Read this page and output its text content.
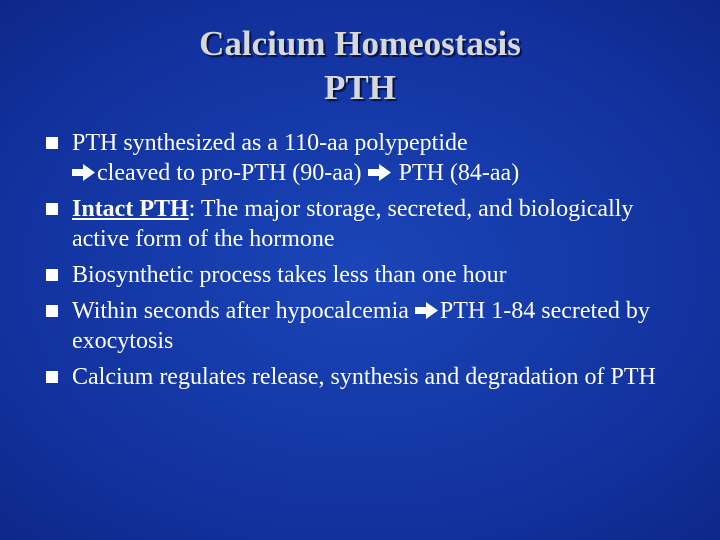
Calcium Homeostasis
PTH
PTH synthesized as a 110-aa polypeptide

cleaved to pro-PTH (90-aa)
PTH (84-aa)
Intact PTH: The major storage, secreted, and biologically active form of the hormone
Biosynthetic process takes less than one hour
Within seconds after hypocalcemia
PTH 1-84 secreted by exocytosis
Calcium regulates release, synthesis and degradation of PTH
